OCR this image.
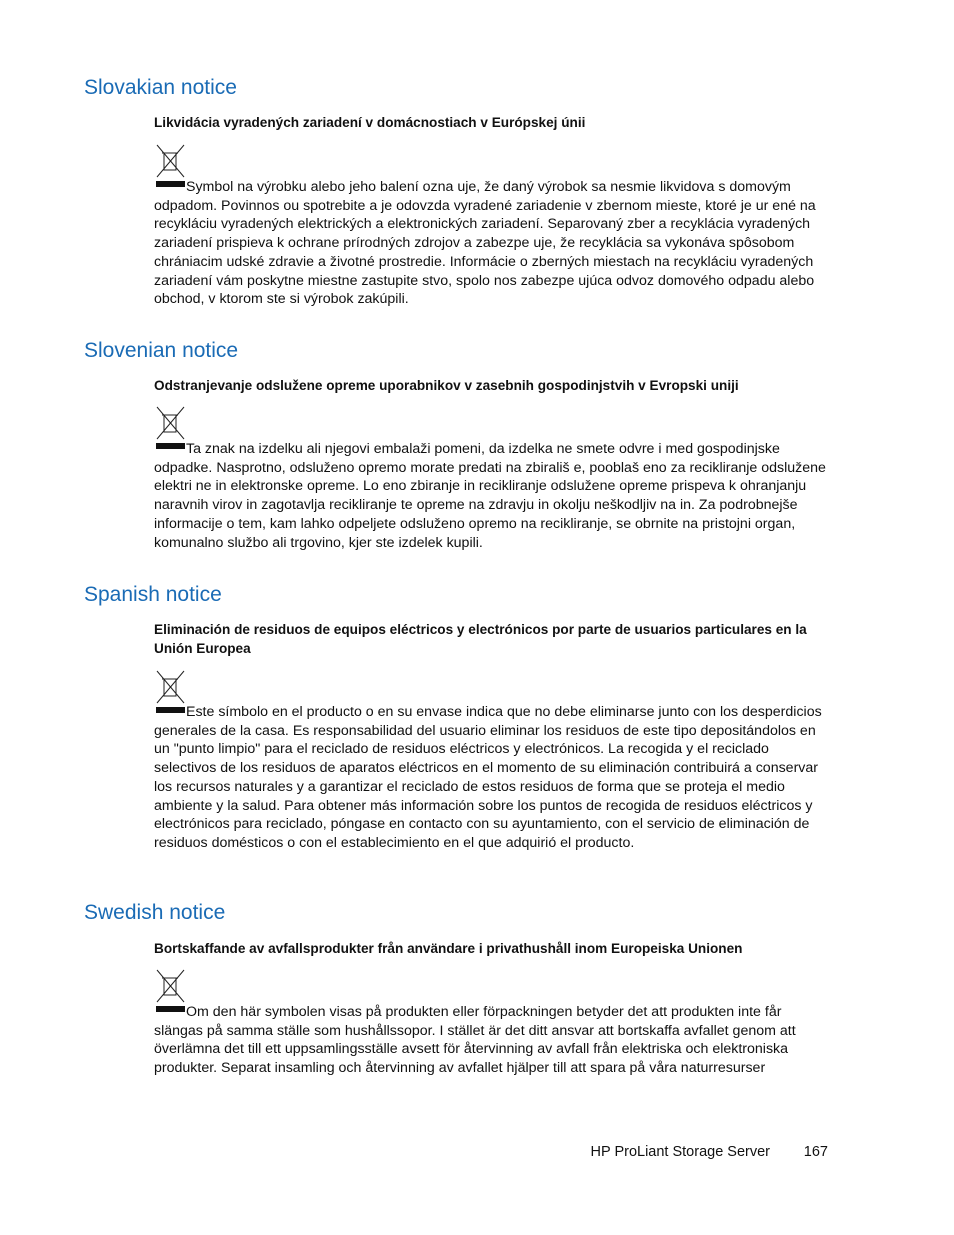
Slovakian notice

Likvidácia vyradených zariadení v domácnostiach v Európskej únii

Symbol na výrobku alebo jeho balení ozna uje, že daný výrobok sa nesmie likvidova s domovým odpadom. Povinnos ou spotrebite a je odovzda vyradené zariadenie v zbernom mieste, ktoré je ur ené na recykláciu vyradených elektrických a elektronických zariadení. Separovaný zber a recyklácia vyradených zariadení prispieva k ochrane prírodných zdrojov a zabezpe uje, že recyklácia sa vykonáva spôsobom chrániacim udské zdravie a životné prostredie. Informácie o zberných miestach na recykláciu vyradených zariadení vám poskytne miestne zastupite stvo, spolo nos zabezpe ujúca odvoz domového odpadu alebo obchod, v ktorom ste si výrobok zakúpili.

Slovenian notice

Odstranjevanje odslužene opreme uporabnikov v zasebnih gospodinjstvih v Evropski uniji

Ta znak na izdelku ali njegovi embalaži pomeni, da izdelka ne smete odvre i med gospodinjske odpadke. Nasprotno, odsluženo opremo morate predati na zbirališ e, pooblaš eno za recikliranje odslužene elektri ne in elektronske opreme. Lo eno zbiranje in recikliranje odslužene opreme prispeva k ohranjanju naravnih virov in zagotavlja recikliranje te opreme na zdravju in okolju neškodljiv na in. Za podrobnejše informacije o tem, kam lahko odpeljete odsluženo opremo na recikliranje, se obrnite na pristojni organ, komunalno službo ali trgovino, kjer ste izdelek kupili.

Spanish notice

Eliminación de residuos de equipos eléctricos y electrónicos por parte de usuarios particulares en la Unión Europea

Este símbolo en el producto o en su envase indica que no debe eliminarse junto con los desperdicios generales de la casa. Es responsabilidad del usuario eliminar los residuos de este tipo depositándolos en un "punto limpio" para el reciclado de residuos eléctricos y electrónicos. La recogida y el reciclado selectivos de los residuos de aparatos eléctricos en el momento de su eliminación contribuirá a conservar los recursos naturales y a garantizar el reciclado de estos residuos de forma que se proteja el medio ambiente y la salud. Para obtener más información sobre los puntos de recogida de residuos eléctricos y electrónicos para reciclado, póngase en contacto con su ayuntamiento, con el servicio de eliminación de residuos domésticos o con el establecimiento en el que adquirió el producto.

Swedish notice

Bortskaffande av avfallsprodukter från användare i privathushåll inom Europeiska Unionen

Om den här symbolen visas på produkten eller förpackningen betyder det att produkten inte får slängas på samma ställe som hushållssopor. I stället är det ditt ansvar att bortskaffa avfallet genom att överlämna det till ett uppsamlingsställe avsett för återvinning av avfall från elektriska och elektroniska produkter. Separat insamling och återvinning av avfallet hjälper till att spara på våra naturresurser

HP ProLiant Storage Server 167
